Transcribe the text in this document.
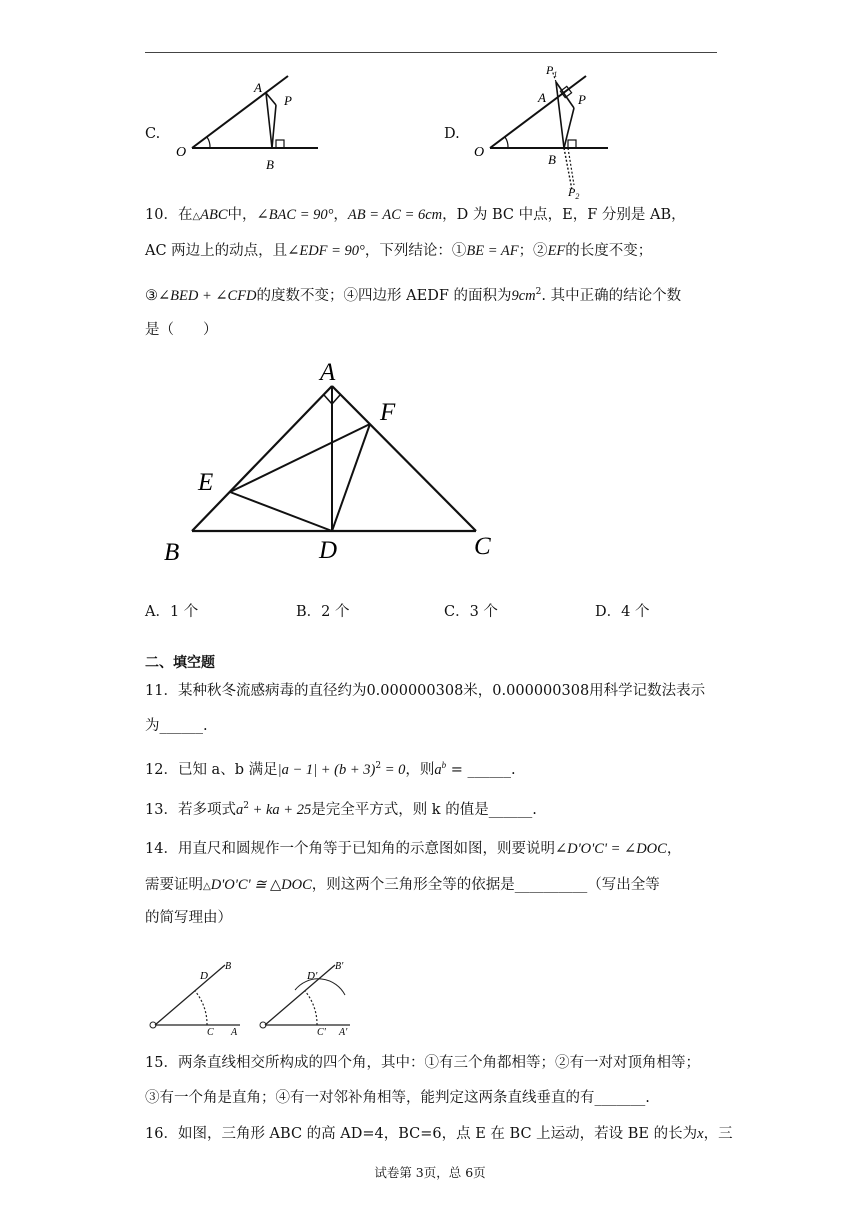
C.
O
A
P
B
D.
O
A P
B
$P_1$
$P_2$
10．在△ABC中，∠BAC = 90°，AB = AC = 6cm，D 为 BC 中点，E，F 分别是 AB，
AC 两边上的动点，且∠EDF = 90°，下列结论：①BE = AF；②EF的长度不变；
③∠BED + ∠CFD的度数不变；④四边形 AEDF 的面积为$9cm^2$. 其中正确的结论个数
是（　　）
A
B	C
D
E
F
A．1 个	B．2 个	C．3 个	D．4 个
二、填空题
11．某种秋冬流感病毒的直径约为0.000000308米，0.000000308用科学记数法表示
为______.
12．已知 a、b 满足$|a - 1| + (b + 3)^2 = 0$，则$a^b$ = ______.
13．若多项式$a^2$ + ka + 25是完全平方式，则 k 的值是______.
14．用直尺和圆规作一个角等于已知角的示意图如图，则要说明∠D'O'C' = ∠DOC，
需要证明△D'O'C' ≅ △DOC，则这两个三角形全等的依据是__________（写出全等
的简写理由）
D
B
C A
O
D'
B'
C' A'
O'
15．两条直线相交所构成的四个角，其中：①有三个角都相等；②有一对对顶角相等；
③有一个角是直角；④有一对邻补角相等，能判定这两条直线垂直的有_______.
16．如图，三角形 ABC 的高 AD=4，BC=6，点 E 在 BC 上运动，若设 BE 的长为x，三
试卷第 3页，总 6页
